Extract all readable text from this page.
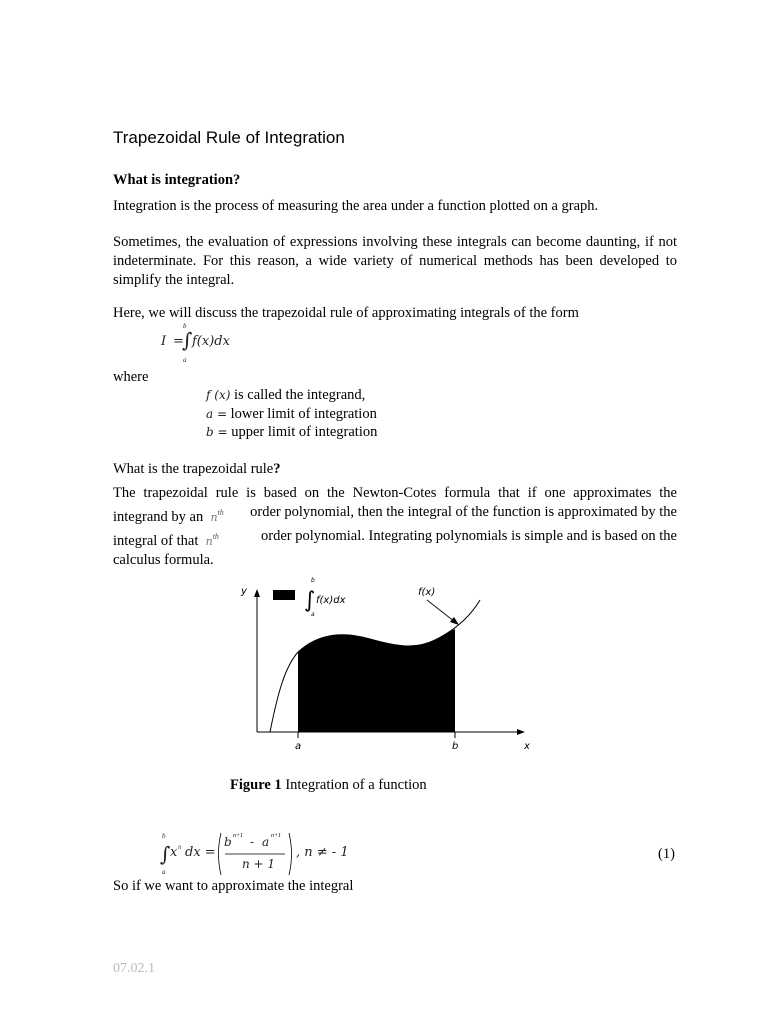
Trapezoidal Rule of Integration
What is integration?
Integration is the process of measuring the area under a function plotted on a graph.
Sometimes, the evaluation of expressions involving these integrals can become daunting, if not indeterminate. For this reason, a wide variety of numerical methods has been developed to simplify the integral.
Here, we will discuss the trapezoidal rule of approximating integrals of the form
I =
b
∫
a
f(x)dx
where
f (x) is called the integrand,
a = lower limit of integration
b = upper limit of integration
What is the trapezoidal rule?
The trapezoidal rule is based on the Newton-Cotes formula that if one approximates the
integrand by an $n^{th}$ order polynomial, then the integral of the function is approximated by the
integral of that $n^{th}$	order polynomial. Integrating polynomials is simple and is based on the
calculus formula.
y
x
a	b
f(x)
∫
b
a
f(x)dx
Figure 1 Integration of a function
b
∫
a
x n dx =
b n+1 - a n+1
n + 1
, n ≠ - 1	(1)
So if we want to approximate the integral
07.02.1
